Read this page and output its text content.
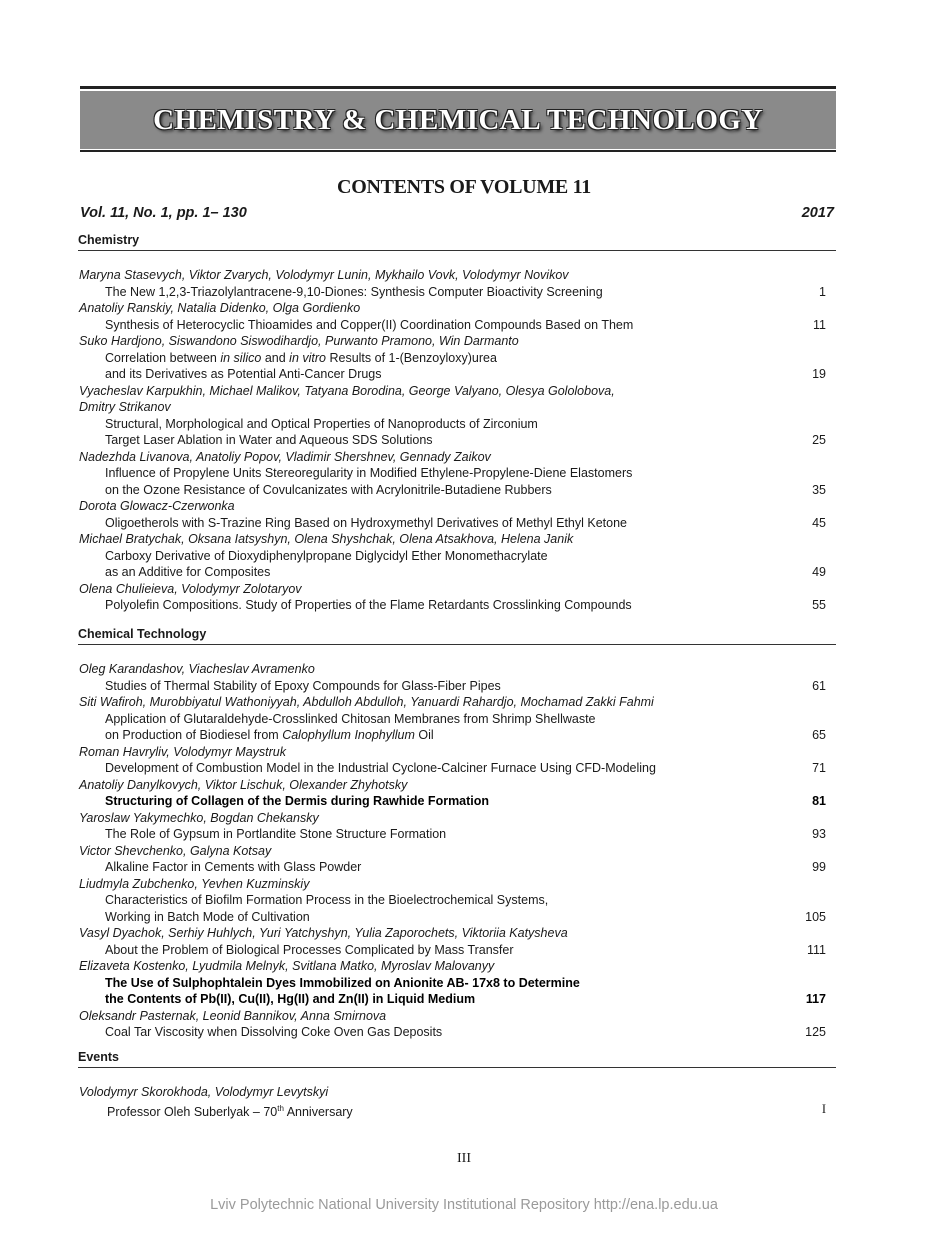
CHEMISTRY & CHEMICAL TECHNOLOGY
CONTENTS OF VOLUME 11
Vol. 11, No. 1, pp. 1– 130	2017
Chemistry
Maryna Stasevych, Viktor Zvarych, Volodymyr Lunin, Mykhailo Vovk, Volodymyr Novikov
The New 1,2,3-Triazolylantracene-9,10-Diones: Synthesis Computer Bioactivity Screening	1
Anatoliy Ranskiy, Natalia Didenko, Olga Gordienko
Synthesis of Heterocyclic Thioamides and Copper(II) Coordination Compounds Based on Them	11
Suko Hardjono, Siswandono Siswodihardjo, Purwanto Pramono, Win Darmanto
Correlation between in silico and in vitro Results of 1-(Benzoyloxy)urea
and its Derivatives as Potential Anti-Cancer Drugs	19
Vyacheslav Karpukhin, Michael Malikov, Tatyana Borodina, George Valyano, Olesya Gololobova,
Dmitry Strikanov
Structural, Morphological and Optical Properties of Nanoproducts of Zirconium
Target Laser Ablation in Water and Aqueous SDS Solutions	25
Nadezhda Livanova, Anatoliy Popov, Vladimir Shershnev, Gennady Zaikov
Influence of Propylene Units Stereoregularity in Modified Ethylene-Propylene-Diene Elastomers
on the Ozone Resistance of Covulcanizates with Acrylonitrile-Butadiene Rubbers	35
Dorota Glowacz-Czerwonka
Oligoetherols with S-Trazine Ring Based on Hydroxymethyl Derivatives of Methyl Ethyl Ketone	45
Michael Bratychak, Oksana Iatsyshyn, Olena Shyshchak, Olena Atsakhova, Helena Janik
Carboxy Derivative of Dioxydiphenylpropane Diglycidyl Ether Monomethacrylate
as an Additive for Composites	49
Olena Chulieieva, Volodymyr Zolotaryov
Polyolefin Compositions. Study of Properties of the Flame Retardants Crosslinking Compounds	55
Chemical Technology
Oleg Karandashov, Viacheslav Avramenko
Studies of Thermal Stability of Epoxy Compounds for Glass-Fiber Pipes	61
Siti Wafiroh, Murobbiyatul Wathoniyyah, Abdulloh Abdulloh, Yanuardi Rahardjo, Mochamad Zakki Fahmi
Application of Glutaraldehyde-Crosslinked Chitosan Membranes from Shrimp Shellwaste
on Production of Biodiesel from Calophyllum Inophyllum Oil	65
Roman Havryliv, Volodymyr Maystruk
Development of Combustion Model in the Industrial Cyclone-Calciner Furnace Using CFD-Modeling	71
Anatoliy Danylkovych, Viktor Lischuk, Olexander Zhyhotsky
Structuring of Collagen of the Dermis during Rawhide Formation	81
Yaroslaw Yakymechko, Bogdan Chekansky
The Role of Gypsum in Portlandite Stone Structure Formation	93
Victor Shevchenko, Galyna Kotsay
Alkaline Factor in Cements with Glass Powder	99
Liudmyla Zubchenko, Yevhen Kuzminskiy
Characteristics of Biofilm Formation Process in the Bioelectrochemical Systems,
Working in Batch Mode of Cultivation	105
Vasyl Dyachok, Serhiy Huhlych, Yuri Yatchyshyn, Yulia Zaporochets, Viktoriia Katysheva
About the Problem of Biological Processes Complicated by Mass Transfer	111
Elizaveta Kostenko, Lyudmila Melnyk, Svitlana Matko, Myroslav Malovanyy
The Use of Sulphophtalein Dyes Immobilized on Anionite AB- 17x8 to Determine
the Contents of Pb(II), Cu(II), Hg(II) and Zn(II) in Liquid Medium	117
Oleksandr Pasternak, Leonid Bannikov, Anna Smirnova
Coal Tar Viscosity when Dissolving Coke Oven Gas Deposits	125
Events
Volodymyr Skorokhoda, Volodymyr Levytskyi
Professor Oleh Suberlyak – 70th Anniversary	I
III
Lviv Polytechnic National University Institutional Repository http://ena.lp.edu.ua
